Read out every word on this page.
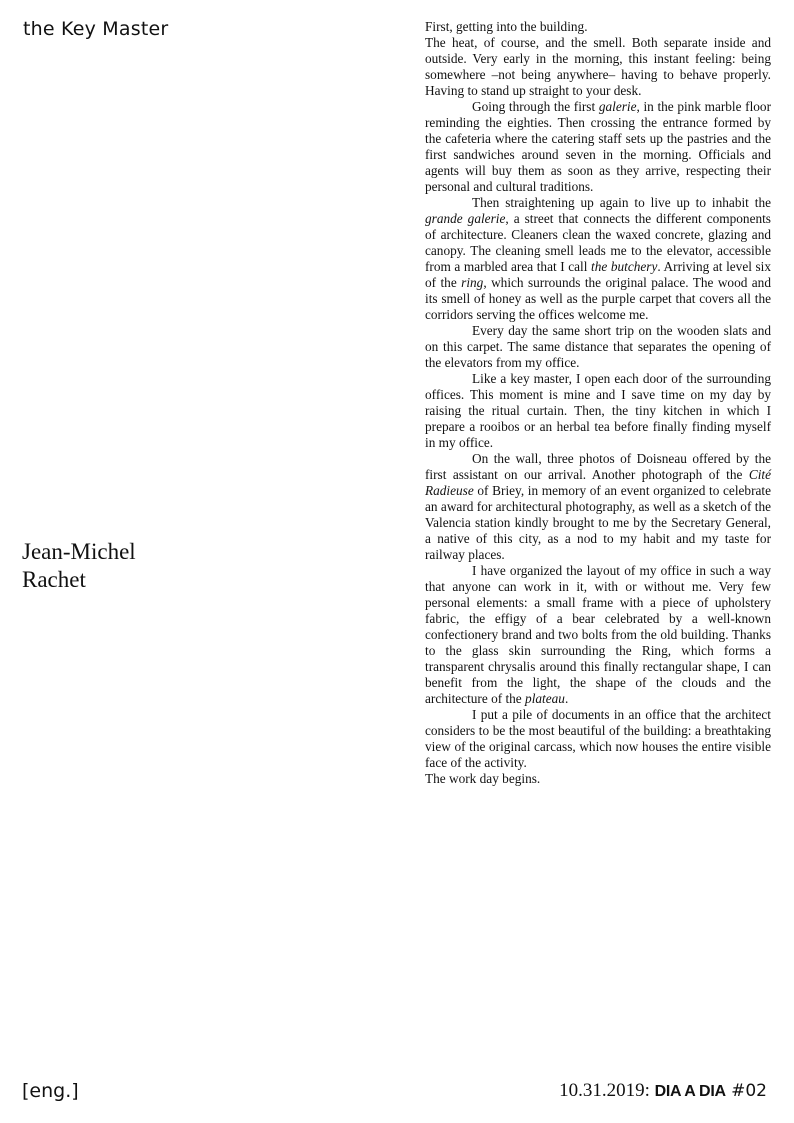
the Key Master
Jean-Michel
Rachet

First, getting into the building.

The heat, of course, and the smell. Both separate inside and outside. Very early in the morning, this instant feeling: being somewhere –not being anywhere– having to behave properly. Having to stand up straight to your desk.

Going through the first galerie, in the pink marble floor reminding the eighties. Then crossing the entrance formed by the cafeteria where the catering staff sets up the pastries and the first sandwiches around seven in the morning. Officials and agents will buy them as soon as they arrive, respecting their personal and cultural traditions.

Then straightening up again to live up to inhabit the grande galerie, a street that connects the different components of architecture. Cleaners clean the waxed concrete, glazing and canopy. The cleaning smell leads me to the elevator, accessible from a marbled area that I call the butchery. Arriving at level six of the ring, which surrounds the original palace. The wood and its smell of honey as well as the purple carpet that covers all the corridors serving the offices welcome me.

Every day the same short trip on the wooden slats and on this carpet. The same distance that separates the opening of the elevators from my office.

Like a key master, I open each door of the surrounding offices. This moment is mine and I save time on my day by raising the ritual curtain. Then, the tiny kitchen in which I prepare a rooibos or an herbal tea before finally finding myself in my office.

On the wall, three photos of Doisneau offered by the first assistant on our arrival. Another photograph of the Cité Radieuse of Briey, in memory of an event organized to celebrate an award for architectural photography, as well as a sketch of the Valencia station kindly brought to me by the Secretary General, a native of this city, as a nod to my habit and my taste for railway places.

I have organized the layout of my office in such a way that anyone can work in it, with or without me. Very few personal elements: a small frame with a piece of upholstery fabric, the effigy of a bear celebrated by a well-known confectionery brand and two bolts from the old building. Thanks to the glass skin surrounding the Ring, which forms a transparent chrysalis around this finally rectangular shape, I can benefit from the light, the shape of the clouds and the architecture of the plateau.

I put a pile of documents in an office that the architect considers to be the most beautiful of the building: a breathtaking view of the original carcass, which now houses the entire visible face of the activity.

The work day begins.

[eng.]	10.31.2019: DIA A DIA #02
